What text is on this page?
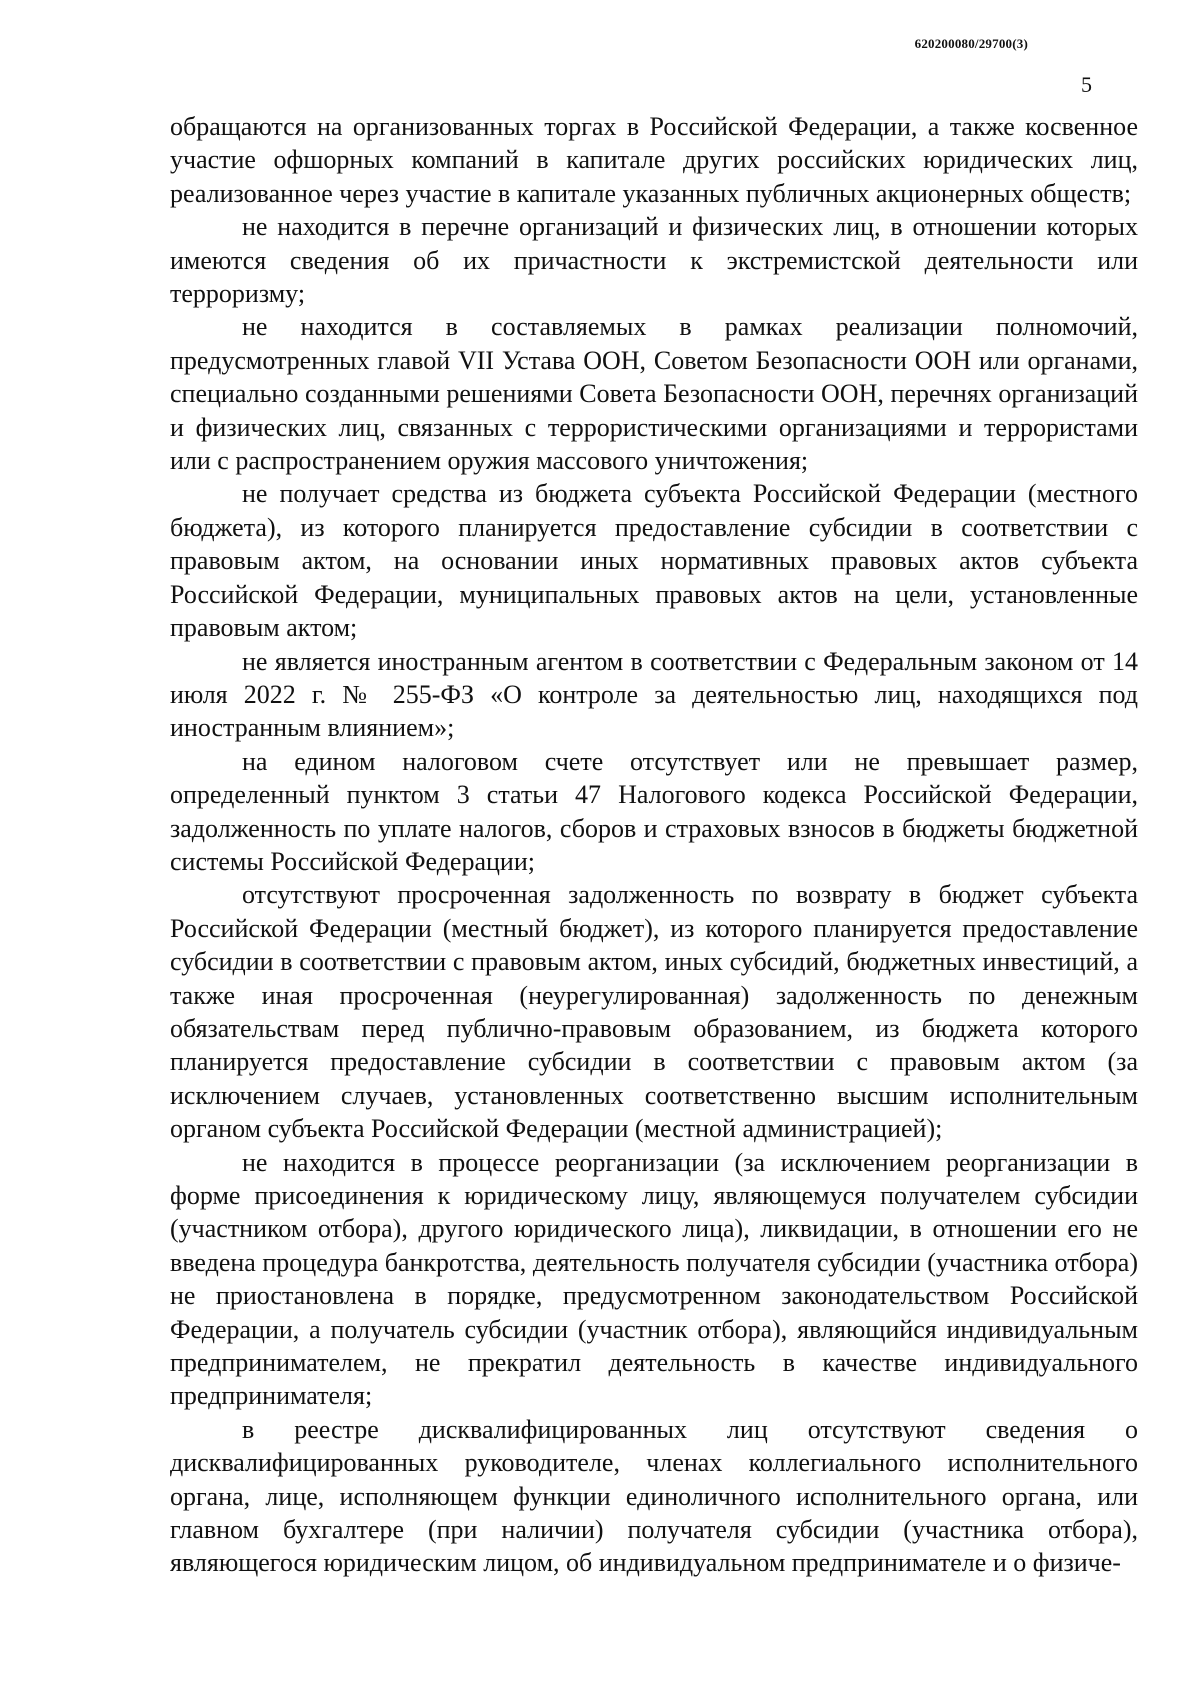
620200080/29700(3)
5

обращаются на организованных торгах в Российской Федерации, а также косвенное участие офшорных компаний в капитале других российских юридических лиц, реализованное через участие в капитале указанных публичных акционерных обществ;

не находится в перечне организаций и физических лиц, в отношении которых имеются сведения об их причастности к экстремистской деятельности или терроризму;

не находится в составляемых в рамках реализации полномочий, предусмотренных главой VII Устава ООН, Советом Безопасности ООН или органами, специально созданными решениями Совета Безопасности ООН, перечнях организаций и физических лиц, связанных с террористическими организациями и террористами или с распространением оружия массового уничтожения;

не получает средства из бюджета субъекта Российской Федерации (местного бюджета), из которого планируется предоставление субсидии в соответствии с правовым актом, на основании иных нормативных правовых актов субъекта Российской Федерации, муниципальных правовых актов на цели, установленные правовым актом;

не является иностранным агентом в соответствии с Федеральным законом от 14 июля 2022 г. № 255-ФЗ «О контроле за деятельностью лиц, находящихся под иностранным влиянием»;

на едином налоговом счете отсутствует или не превышает размер, определенный пунктом 3 статьи 47 Налогового кодекса Российской Федерации, задолженность по уплате налогов, сборов и страховых взносов в бюджеты бюджетной системы Российской Федерации;

отсутствуют просроченная задолженность по возврату в бюджет субъекта Российской Федерации (местный бюджет), из которого планируется предоставление субсидии в соответствии с правовым актом, иных субсидий, бюджетных инвестиций, а также иная просроченная (неурегулированная) задолженность по денежным обязательствам перед публично-правовым образованием, из бюджета которого планируется предоставление субсидии в соответствии с правовым актом (за исключением случаев, установленных соответственно высшим исполнительным органом субъекта Российской Федерации (местной администрацией);

не находится в процессе реорганизации (за исключением реорганизации в форме присоединения к юридическому лицу, являющемуся получателем субсидии (участником отбора), другого юридического лица), ликвидации, в отношении его не введена процедура банкротства, деятельность получателя субсидии (участника отбора) не приостановлена в порядке, предусмотренном законодательством Российской Федерации, а получатель субсидии (участник отбора), являющийся индивидуальным предпринимателем, не прекратил деятельность в качестве индивидуального предпринимателя;

в реестре дисквалифицированных лиц отсутствуют сведения о дисквалифицированных руководителе, членах коллегиального исполнительного органа, лице, исполняющем функции единоличного исполнительного органа, или главном бухгалтере (при наличии) получателя субсидии (участника отбора), являющегося юридическим лицом, об индивидуальном предпринимателе и о физиче-
